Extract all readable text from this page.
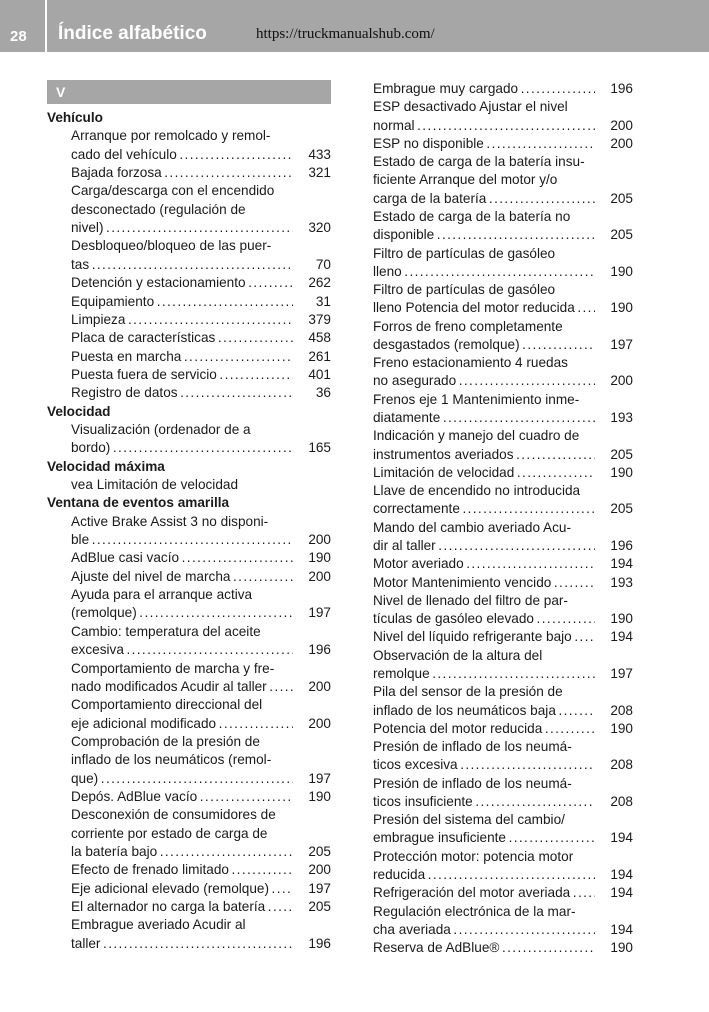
28 Índice alfabético	https://truckmanualshub.com/
V
Vehículo
Arranque por remolcado y remol-
cado del vehículo . . .	433
Bajada forzosa . . .	321
Carga/descarga con el encendido
desconectado (regulación de
nivel) . . .	320
Desbloqueo/bloqueo de las puer-
tas . . .	70
Detención y estacionamiento . . .	262
Equipamiento . . .	31
Limpieza . . .	379
Placa de características . . .	458
Puesta en marcha . . .	261
Puesta fuera de servicio . . .	401
Registro de datos . . .	36
Velocidad
Visualización (ordenador de a
bordo) . . .	165
Velocidad máxima
vea Limitación de velocidad
Ventana de eventos amarilla
Active Brake Assist 3 no disponi-
ble . . .	200
AdBlue casi vacío . . .	190
Ajuste del nivel de marcha . . .	200
Ayuda para el arranque activa
(remolque) . . .	197
Cambio: temperatura del aceite
excesiva . . .	196
Comportamiento de marcha y fre-
nado modificados Acudir al taller . . .	200
Comportamiento direccional del
eje adicional modificado . . .	200
Comprobación de la presión de
inflado de los neumáticos (remol-
que) . . .	197
Depós. AdBlue vacío . . .	190
Desconexión de consumidores de
corriente por estado de carga de
la batería bajo . . .	205
Efecto de frenado limitado . . .	200
Eje adicional elevado (remolque) . . .	197
El alternador no carga la batería . . .	205
Embrague averiado Acudir al
taller . . .	196
Embrague muy cargado . . .	196
ESP desactivado Ajustar el nivel
normal . . .	200
ESP no disponible . . .	200
Estado de carga de la batería insu-
ficiente Arranque del motor y/o
carga de la batería . . .	205
Estado de carga de la batería no
disponible . . .	205
Filtro de partículas de gasóleo
lleno . . .	190
Filtro de partículas de gasóleo
lleno Potencia del motor reducida . . .	190
Forros de freno completamente
desgastados (remolque) . . .	197
Freno estacionamiento 4 ruedas
no asegurado . . .	200
Frenos eje 1 Mantenimiento inme-
diatamente . . .	193
Indicación y manejo del cuadro de
instrumentos averiados . . .	205
Limitación de velocidad . . .	190
Llave de encendido no introducida
correctamente . . .	205
Mando del cambio averiado Acu-
dir al taller . . .	196
Motor averiado . . .	194
Motor Mantenimiento vencido . . .	193
Nivel de llenado del filtro de par-
tículas de gasóleo elevado . . .	190
Nivel del líquido refrigerante bajo . . .	194
Observación de la altura del
remolque . . .	197
Pila del sensor de la presión de
inflado de los neumáticos baja . . .	208
Potencia del motor reducida . . .	190
Presión de inflado de los neumá-
ticos excesiva . . .	208
Presión de inflado de los neumá-
ticos insuficiente . . .	208
Presión del sistema del cambio/
embrague insuficiente . . .	194
Protección motor: potencia motor
reducida . . .	194
Refrigeración del motor averiada . . .	194
Regulación electrónica de la mar-
cha averiada . . .	194
Reserva de AdBlue® . . .	190
